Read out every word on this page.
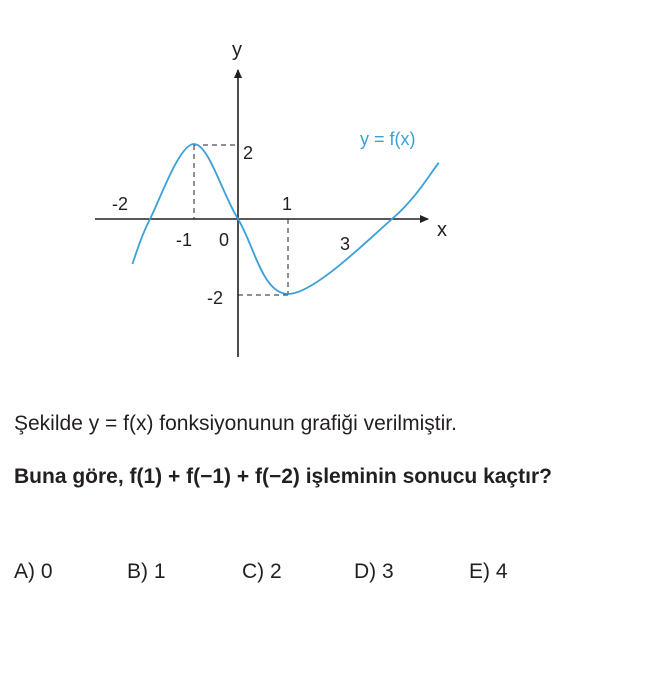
y
x
y = f(x)
-2
-1 0
1
3
2
-2
Şekilde y = f(x) fonksiyonunun grafiği verilmiştir.
Buna göre, f(1) + f(−1) + f(−2) işleminin sonucu kaçtır?
A) 0	B) 1	C) 2	D) 3	E) 4
